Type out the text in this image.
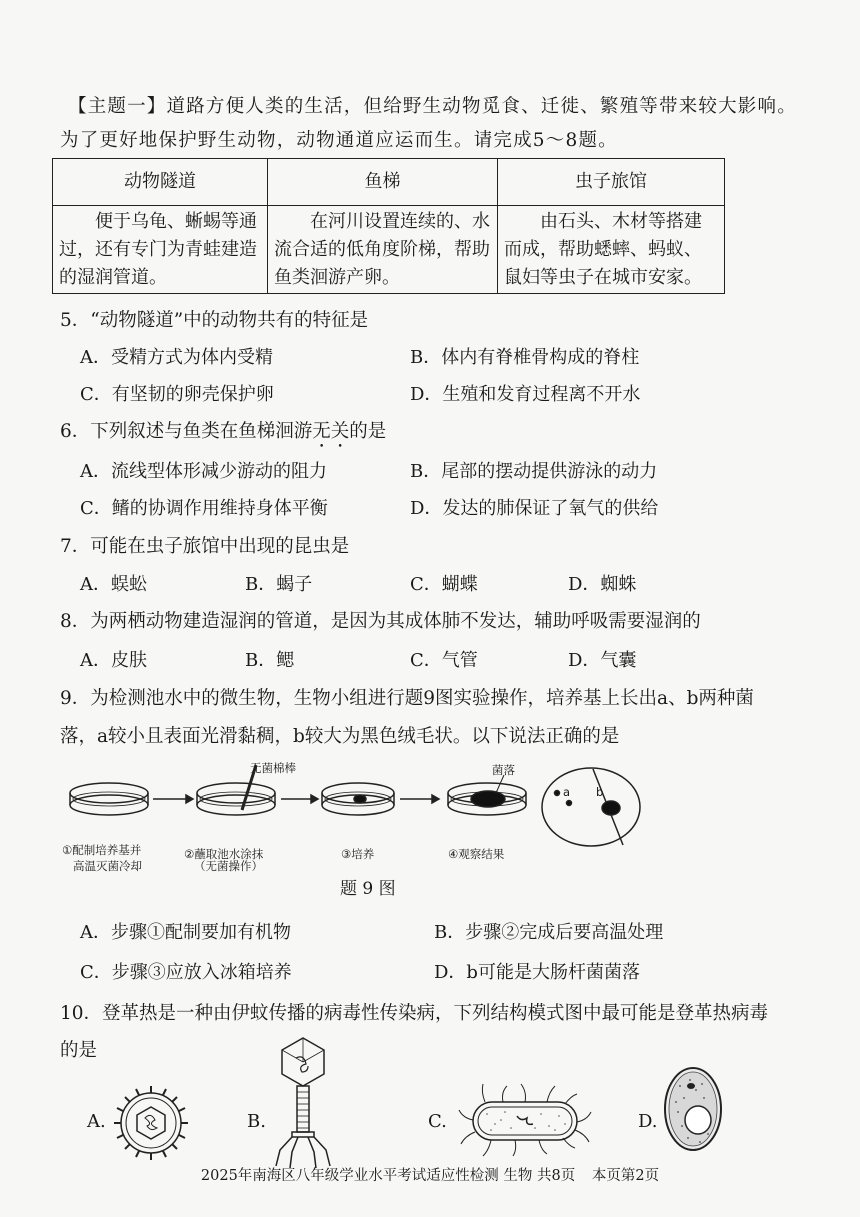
【主题一】道路方便人类的生活，但给野生动物觅食、迁徙、繁殖等带来较大影响。
为了更好地保护野生动物，动物通道应运而生。请完成5～8题。
动物隧道	鱼梯	虫子旅馆
便于乌龟、蜥蜴等通过，还有专门为青蛙建造的湿润管道。	在河川设置连续的、水流合适的低角度阶梯，帮助鱼类洄游产卵。	由石头、木材等搭建而成，帮助蟋蟀、蚂蚁、鼠妇等虫子在城市安家。
5．“动物隧道”中的动物共有的特征是
A．受精方式为体内受精	B．体内有脊椎骨构成的脊柱
C．有坚韧的卵壳保护卵	D．生殖和发育过程离不开水
6．下列叙述与鱼类在鱼梯洄游无关的是
A．流线型体形减少游动的阻力	B．尾部的摆动提供游泳的动力
C．鳍的协调作用维持身体平衡	D．发达的肺保证了氧气的供给
7．可能在虫子旅馆中出现的昆虫是
A．蜈蚣	B．蝎子	C．蝴蝶	D．蜘蛛
8．为两栖动物建造湿润的管道，是因为其成体肺不发达，辅助呼吸需要湿润的
A．皮肤	B．鳃	C．气管	D．气囊
9．为检测池水中的微生物，生物小组进行题9图实验操作，培养基上长出a、b两种菌
落，a较小且表面光滑黏稠，b较大为黑色绒毛状。以下说法正确的是
无菌棉棒	菌落
a b
①配制培养基并
高温灭菌冷却
②蘸取池水涂抹
（无菌操作）
③培养	④观察结果
题 9 图
A．步骤①配制要加有机物	B．步骤②完成后要高温处理
C．步骤③应放入冰箱培养	D．b可能是大肠杆菌菌落
10．登革热是一种由伊蚊传播的病毒性传染病，下列结构模式图中最可能是登革热病毒
的是
A.	B.	C.	D.
2025年南海区八年级学业水平考试适应性检测 生物 共8页 本页第2页
